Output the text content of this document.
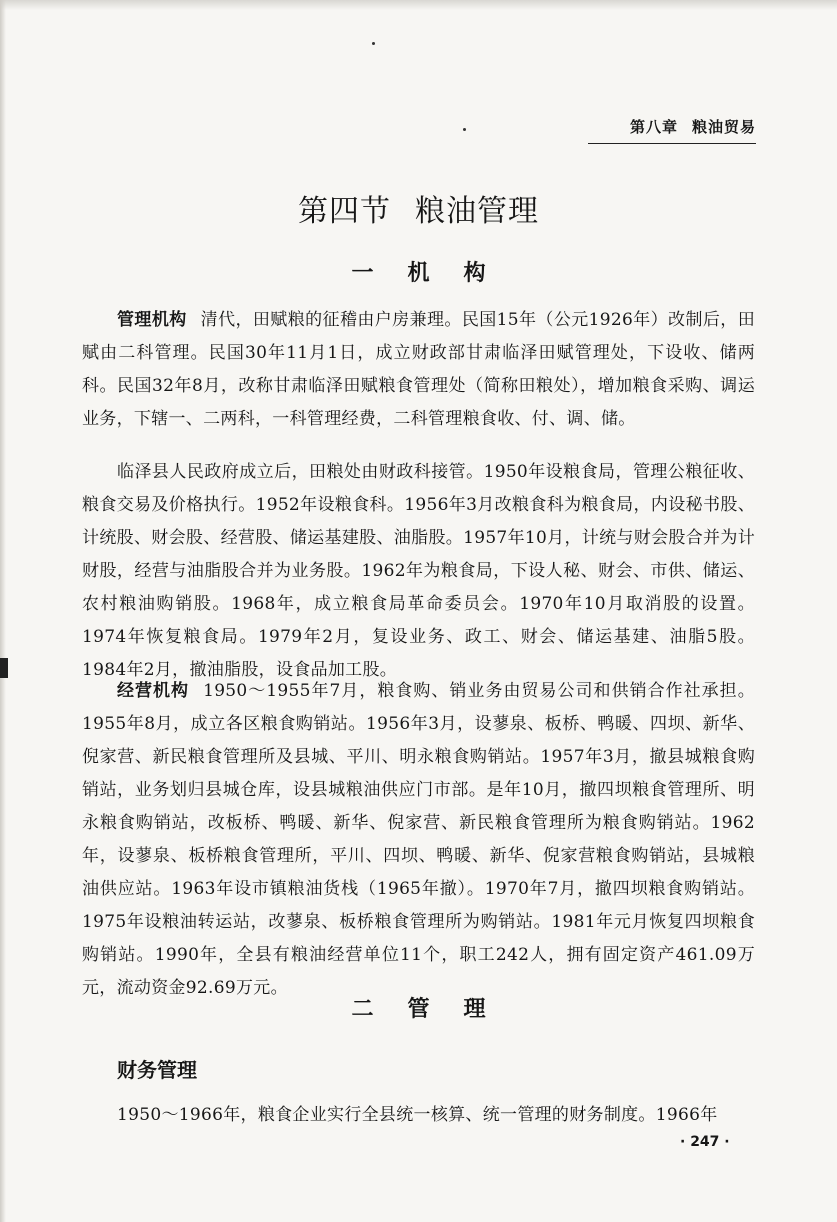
第八章 粮油贸易
第四节 粮油管理
一机构

管理机构 清代，田赋粮的征稽由户房兼理。民国15年（公元1926年）改制后，田赋由二科管理。民国30年11月1日，成立财政部甘肃临泽田赋管理处，下设收、储两科。民国32年8月，改称甘肃临泽田赋粮食管理处（简称田粮处），增加粮食采购、调运业务，下辖一、二两科，一科管理经费，二科管理粮食收、付、调、储。

临泽县人民政府成立后，田粮处由财政科接管。1950年设粮食局，管理公粮征收、粮食交易及价格执行。1952年设粮食科。1956年3月改粮食科为粮食局，内设秘书股、计统股、财会股、经营股、储运基建股、油脂股。1957年10月，计统与财会股合并为计财股，经营与油脂股合并为业务股。1962年为粮食局，下设人秘、财会、市供、储运、农村粮油购销股。1968年，成立粮食局革命委员会。1970年10月取消股的设置。1974年恢复粮食局。1979年2月，复设业务、政工、财会、储运基建、油脂5股。1984年2月，撤油脂股，设食品加工股。

经营机构 1950～1955年7月，粮食购、销业务由贸易公司和供销合作社承担。1955年8月，成立各区粮食购销站。1956年3月，设蓼泉、板桥、鸭暖、四坝、新华、倪家营、新民粮食管理所及县城、平川、明永粮食购销站。1957年3月，撤县城粮食购销站，业务划归县城仓库，设县城粮油供应门市部。是年10月，撤四坝粮食管理所、明永粮食购销站，改板桥、鸭暖、新华、倪家营、新民粮食管理所为粮食购销站。1962年，设蓼泉、板桥粮食管理所，平川、四坝、鸭暖、新华、倪家营粮食购销站，县城粮油供应站。1963年设市镇粮油货栈（1965年撤）。1970年7月，撤四坝粮食购销站。1975年设粮油转运站，改蓼泉、板桥粮食管理所为购销站。1981年元月恢复四坝粮食购销站。1990年，全县有粮油经营单位11个，职工242人，拥有固定资产461.09万元，流动资金92.69万元。

二管理
财务管理

1950～1966年，粮食企业实行全县统一核算、统一管理的财务制度。1966年

· 247 ·
